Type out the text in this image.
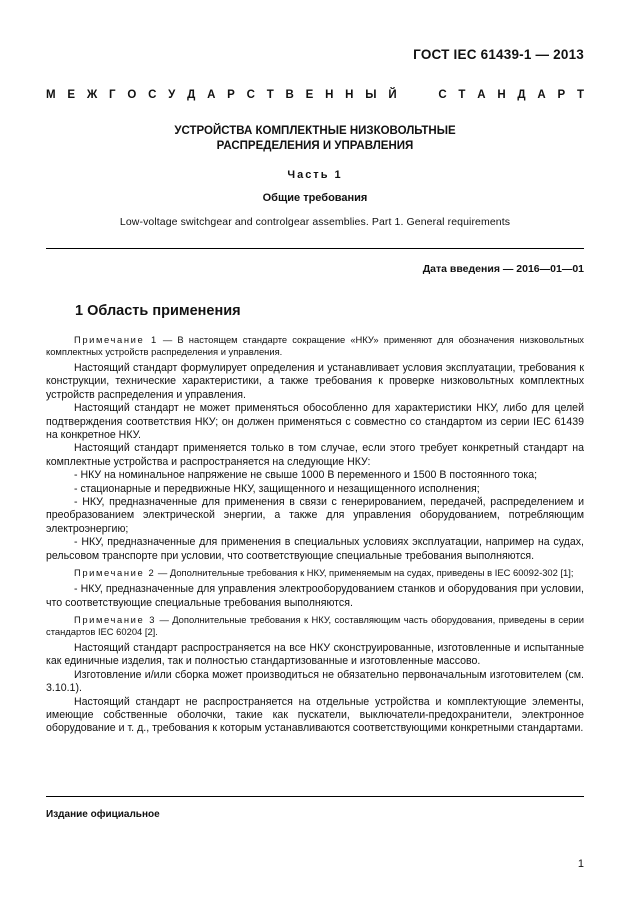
ГОСТ IEC 61439-1 — 2013
М Е Ж Г О С У Д А Р С Т В Е Н Н Ы Й

	С Т А Н Д А Р Т
УСТРОЙСТВА КОМПЛЕКТНЫЕ НИЗКОВОЛЬТНЫЕ
РАСПРЕДЕЛЕНИЯ И УПРАВЛЕНИЯ
Часть 1
Общие требования
Low-voltage switchgear and controlgear assemblies. Part 1. General requirements
Дата введения — 2016—01—01
1 Область применения

Примечание 1 — В настоящем стандарте сокращение «НКУ» применяют для обозначения низковольтных комплектных устройств распределения и управления.

Настоящий стандарт формулирует определения и устанавливает условия эксплуатации, требования к конструкции, технические характеристики, а также требования к проверке низковольтных комплектных устройств распределения и управления.

Настоящий стандарт не может применяться обособленно для характеристики НКУ, либо для целей подтверждения соответствия НКУ; он должен применяться с совместно со стандартом из серии IEC 61439 на конкретное НКУ.

Настоящий стандарт применяется только в том случае, если этого требует конкретный стандарт на комплектные устройства и распространяется на следующие НКУ:

- НКУ на номинальное напряжение не свыше 1000 В переменного и 1500 В постоянного тока;

- стационарные и передвижные НКУ, защищенного и незащищенного исполнения;

- НКУ, предназначенные для применения в связи с генерированием, передачей, распределением и преобразованием электрической энергии, а также для управления оборудованием, потребляющим электроэнергию;

- НКУ, предназначенные для применения в специальных условиях эксплуатации, например на судах, рельсовом транспорте при условии, что соответствующие специальные требования выполняются.

Примечание 2 — Дополнительные требования к НКУ, применяемым на судах, приведены в IEC 60092-302 [1];

- НКУ, предназначенные для управления электрооборудованием станков и оборудования при условии, что соответствующие специальные требования выполняются.

Примечание 3 — Дополнительные требования к НКУ, составляющим часть оборудования, приведены в серии стандартов IEC 60204 [2].

Настоящий стандарт распространяется на все НКУ сконструированные, изготовленные и испытанные как единичные изделия, так и полностью стандартизованные и изготовленные массово.

Изготовление и/или сборка может производиться не обязательно первоначальным изготовителем (см. 3.10.1).

Настоящий стандарт не распространяется на отдельные устройства и комплектующие элементы, имеющие собственные оболочки, такие как пускатели, выключатели-предохранители, электронное оборудование и т. д., требования к которым устанавливаются соответствующими конкретными стандартами.

Издание официальное
1
